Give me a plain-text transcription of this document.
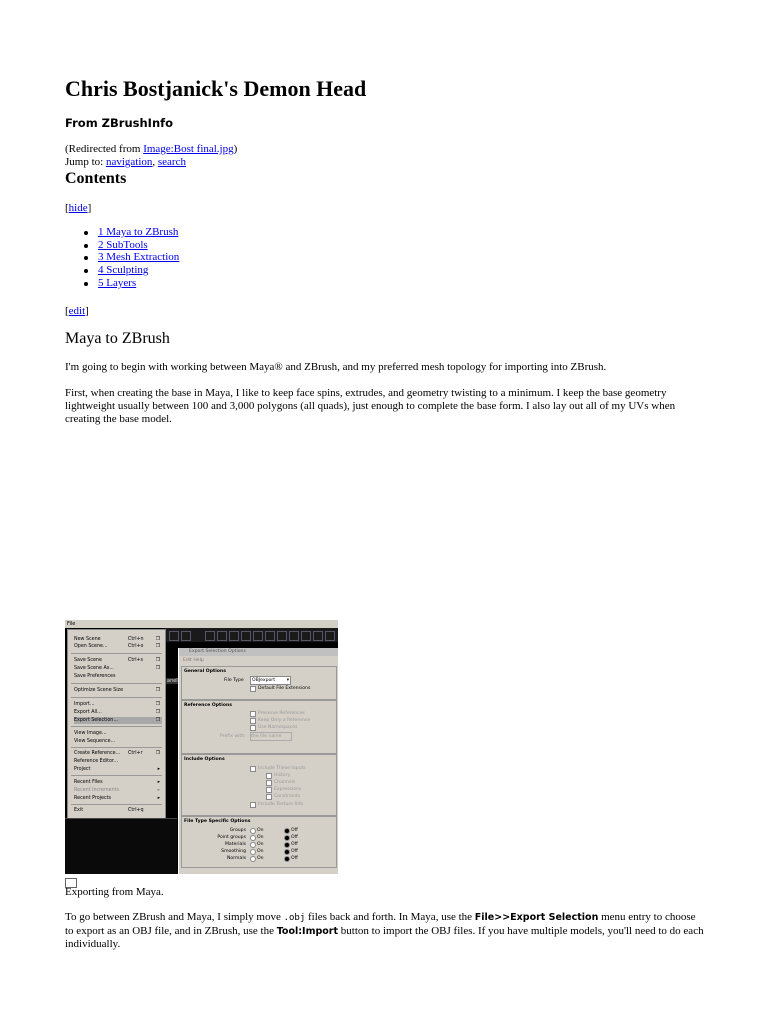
Chris Bostjanick's Demon Head
From ZBrushInfo
(Redirected from Image:Bost final.jpg)
Jump to: navigation, search
Contents
[hide]
1 Maya to ZBrush
2 SubTools
3 Mesh Extraction
4 Sculpting
5 Layers
[edit]
Maya to ZBrush
I'm going to begin with working between Maya® and ZBrush, and my preferred mesh topology for importing into ZBrush.
First, when creating the base in Maya, I like to keep face spins, extrudes, and geometry twisting to a minimum. I keep the base geometry lightweight usually between 100 and 3,000 polygons (all quads), just enough to complete the base form. I also lay out all of my UVs when creating the base model.
File
anel
New Scene	Ctrl+n	❐
Open Scene...	Ctrl+o	❐
Save Scene	Ctrl+s	❐
Save Scene As...	❐
Save Preferences
Optimize Scene Size	❐
Import...	❐
Export All...	❐
Export Selection...	❐
View Image...
View Sequence...
Create Reference... Ctrl+r	❐
Reference Editor...
Project	▸
Recent Files	▸
Recent Increments	▸
Recent Projects	▸
Exit	Ctrl+q
Export Selection Options
Edit Help
General Options
File Type	OBJexport	▾
Default File Extensions
Reference Options
Preserve References
Keep Only a Reference
Use Namespaces
Prefix with: the file name
Include Options
Include These Inputs
History
Channels
Expressions
Constraints
Include Texture Info
File Type Specific Options
Groups On	Off
Point groups On	Off
Materials On	Off
Smoothing On	Off
Normals On	Off
Exporting from Maya.
To go between ZBrush and Maya, I simply move .obj files back and forth. In Maya, use the File>>Export Selection menu entry to choose to export as an OBJ file, and in ZBrush, use the Tool:Import button to import the OBJ files. If you have multiple models, you'll need to do each individually.
